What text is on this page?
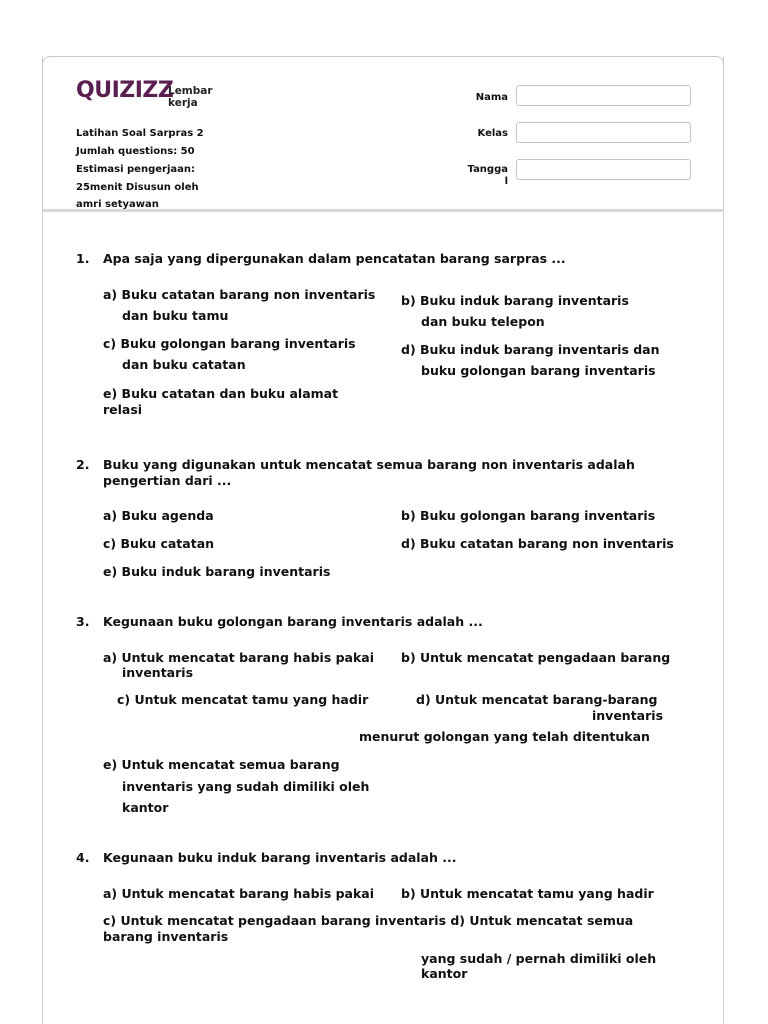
QUIZIZZ
Lembar
kerja
Latihan Soal Sarpras 2
Jumlah questions: 50
Estimasi pengerjaan:
25menit Disusun oleh
amri setyawan
Nama
Kelas
Tangga
l
1. Apa saja yang dipergunakan dalam pencatatan barang sarpras ...
a) Buku catatan barang non inventaris
dan buku tamu
b) Buku induk barang inventaris
dan buku telepon
c) Buku golongan barang inventaris
dan buku catatan
d) Buku induk barang inventaris dan
buku golongan barang inventaris
e) Buku catatan dan buku alamat
relasi
2. Buku yang digunakan untuk mencatat semua barang non inventaris adalah
pengertian dari ...
a) Buku agenda	b) Buku golongan barang inventaris
c) Buku catatan	d) Buku catatan barang non inventaris
e) Buku induk barang inventaris
3. Kegunaan buku golongan barang inventaris adalah ...
a) Untuk mencatat barang habis pakai
inventaris
b) Untuk mencatat pengadaan barang
c) Untuk mencatat tamu yang hadir	d) Untuk mencatat barang-barang
inventaris
menurut golongan yang telah ditentukan
e) Untuk mencatat semua barang
inventaris yang sudah dimiliki oleh
kantor
4. Kegunaan buku induk barang inventaris adalah ...
a) Untuk mencatat barang habis pakai b) Untuk mencatat tamu yang hadir
c) Untuk mencatat pengadaan barang inventaris d) Untuk mencatat semua
barang inventaris
yang sudah / pernah dimiliki oleh
kantor
